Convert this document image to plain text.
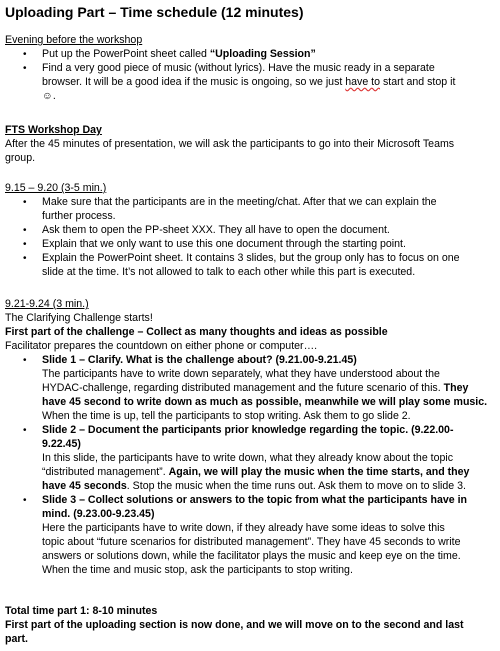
Uploading Part – Time schedule (12 minutes)
Evening before the workshop
• Put up the PowerPoint sheet called “Uploading Session”
• Find a very good piece of music (without lyrics). Have the music ready in a separate
browser. It will be a good idea if the music is ongoing, so we just have to start and stop it
☺.
FTS Workshop Day
After the 45 minutes of presentation, we will ask the participants to go into their Microsoft Teams
group.
9.15 – 9.20 (3-5 min.)
• Make sure that the participants are in the meeting/chat. After that we can explain the
further process.
• Ask them to open the PP-sheet XXX. They all have to open the document.
• Explain that we only want to use this one document through the starting point.
• Explain the PowerPoint sheet. It contains 3 slides, but the group only has to focus on one
slide at the time. It’s not allowed to talk to each other while this part is executed.
9.21-9.24 (3 min.)
The Clarifying Challenge starts!
First part of the challenge – Collect as many thoughts and ideas as possible
Facilitator prepares the countdown on either phone or computer….
• Slide 1 – Clarify. What is the challenge about? (9.21.00-9.21.45)
The participants have to write down separately, what they have understood about the
HYDAC-challenge, regarding distributed management and the future scenario of this. They
have 45 second to write down as much as possible, meanwhile we will play some music.
When the time is up, tell the participants to stop writing. Ask them to go slide 2.
• Slide 2 – Document the participants prior knowledge regarding the topic. (9.22.00-
9.22.45)
In this slide, the participants have to write down, what they already know about the topic
“distributed management”. Again, we will play the music when the time starts, and they
have 45 seconds. Stop the music when the time runs out. Ask them to move on to slide 3.
• Slide 3 – Collect solutions or answers to the topic from what the participants have in
mind. (9.23.00-9.23.45)
Here the participants have to write down, if they already have some ideas to solve this
topic about “future scenarios for distributed management”. They have 45 seconds to write
answers or solutions down, while the facilitator plays the music and keep eye on the time.
When the time and music stop, ask the participants to stop writing.
Total time part 1: 8-10 minutes
First part of the uploading section is now done, and we will move on to the second and last
part.
